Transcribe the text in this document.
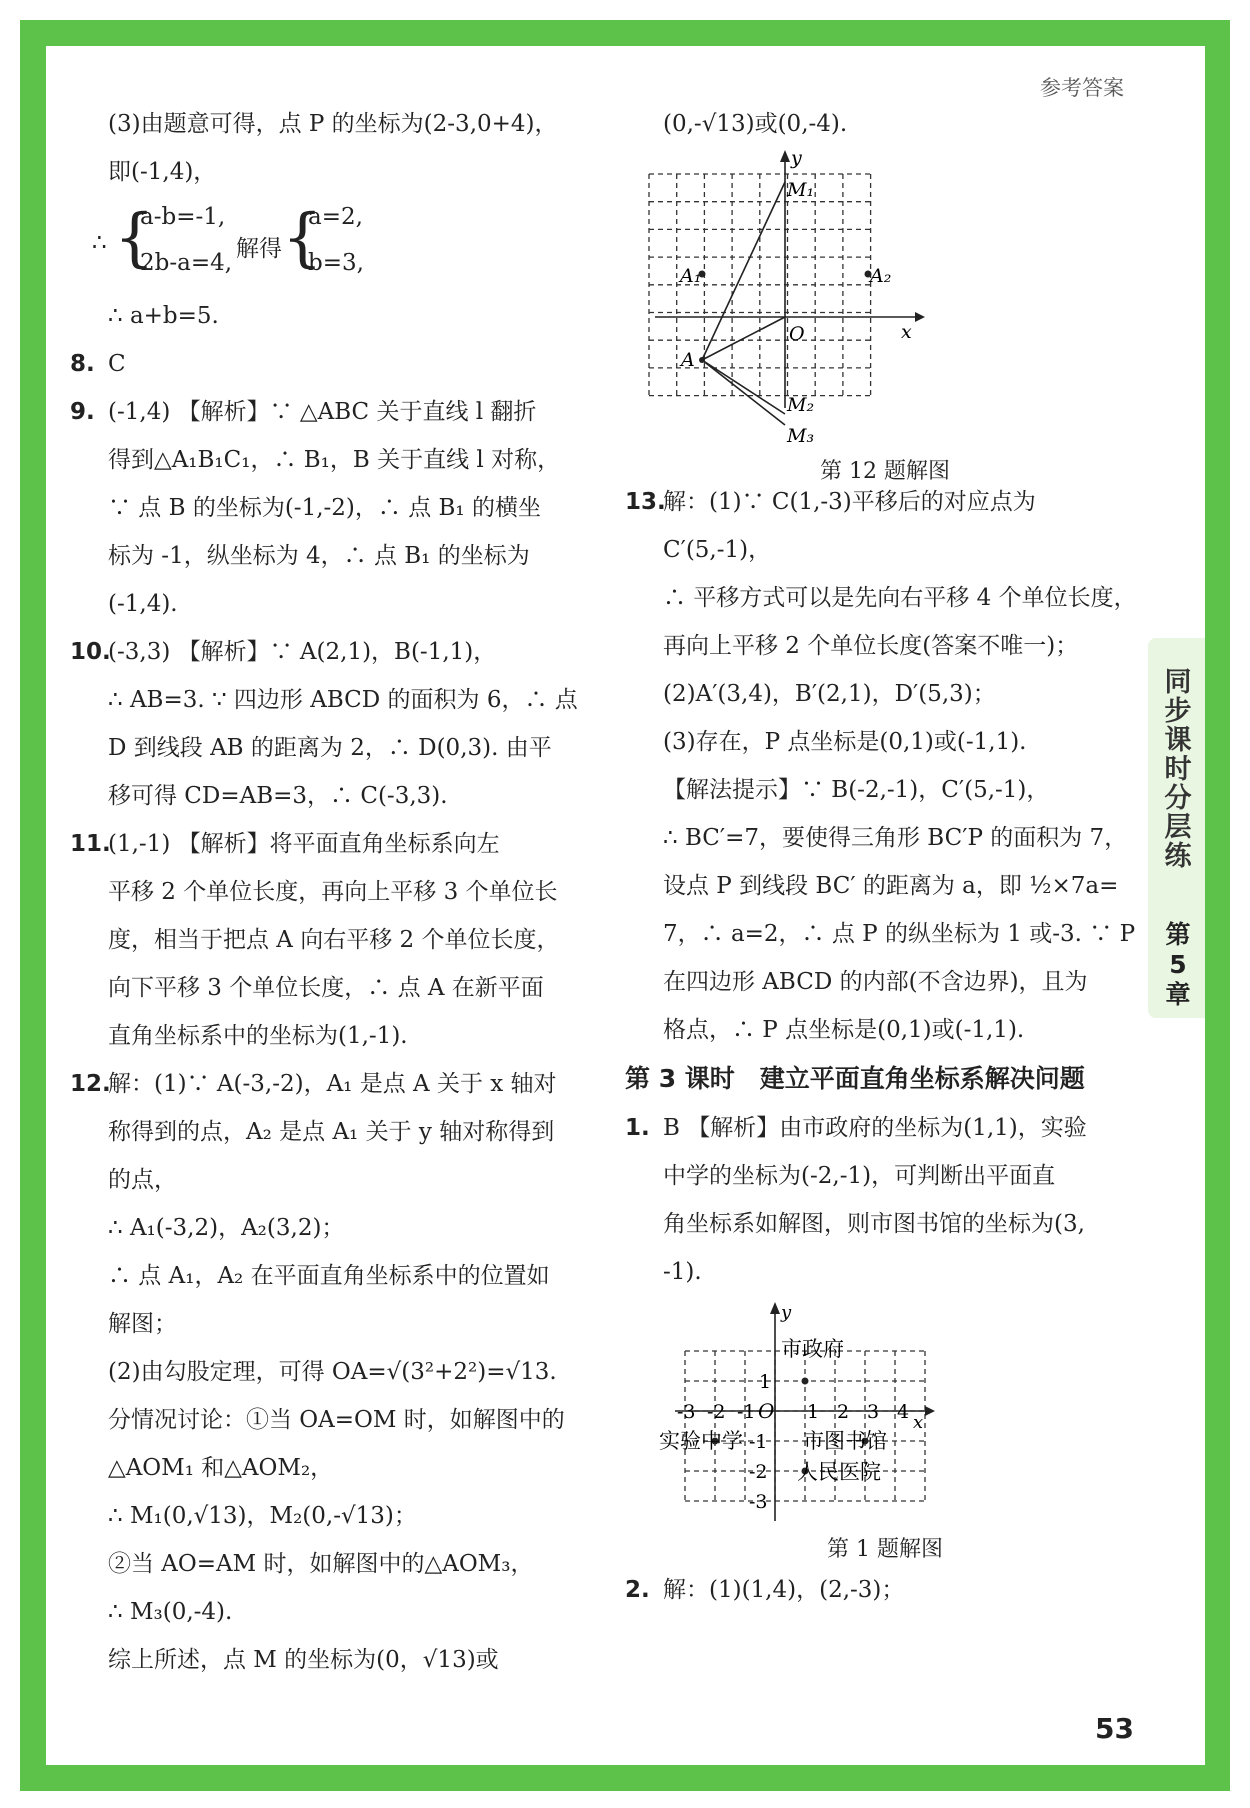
参考答案
同步课时分层练
第5章
(3)由题意可得，点 P 的坐标为(2-3,0+4)，
即(-1,4)，
∴ {
a-b=-1,
2b-a=4,
解得 {
a=2,
b=3,
∴ a+b=5.
8. C
9. (-1,4) 【解析】∵ △ABC 关于直线 l 翻折
得到△A₁B₁C₁，∴ B₁，B 关于直线 l 对称，
∵ 点 B 的坐标为(-1,-2)，∴ 点 B₁ 的横坐
标为 -1，纵坐标为 4，∴ 点 B₁ 的坐标为
(-1,4).
10.(-3,3) 【解析】∵ A(2,1)，B(-1,1)，
∴ AB=3. ∵ 四边形 ABCD 的面积为 6，∴ 点
D 到线段 AB 的距离为 2，∴ D(0,3). 由平
移可得 CD=AB=3，∴ C(-3,3).
11.(1,-1) 【解析】将平面直角坐标系向左
平移 2 个单位长度，再向上平移 3 个单位长
度，相当于把点 A 向右平移 2 个单位长度，
向下平移 3 个单位长度，∴ 点 A 在新平面
直角坐标系中的坐标为(1,-1).
12.解：(1)∵ A(-3,-2)，A₁ 是点 A 关于 x 轴对
称得到的点，A₂ 是点 A₁ 关于 y 轴对称得到
的点，
∴ A₁(-3,2)，A₂(3,2)；
∴ 点 A₁，A₂ 在平面直角坐标系中的位置如
解图；
(2)由勾股定理，可得 OA=√(3²+2²)=√13.
分情况讨论：①当 OA=OM 时，如解图中的
△AOM₁ 和△AOM₂，
∴ M₁(0,√13)，M₂(0,-√13)；
②当 AO=AM 时，如解图中的△AOM₃，
∴ M₃(0,-4).
综上所述，点 M 的坐标为(0，√13)或
(0,-√13)或(0,-4).
y
x
O
A
A₁	A₂
M₁
M₂
M₃
第 12 题解图
13.解：(1)∵ C(1,-3)平移后的对应点为
C′(5,-1)，
∴ 平移方式可以是先向右平移 4 个单位长度，
再向上平移 2 个单位长度(答案不唯一)；
(2)A′(3,4)，B′(2,1)，D′(5,3)；
(3)存在，P 点坐标是(0,1)或(-1,1).
【解法提示】∵ B(-2,-1)，C′(5,-1)，
∴ BC′=7，要使得三角形 BC′P 的面积为 7，
设点 P 到线段 BC′ 的距离为 a，即 ½×7a=
7，∴ a=2，∴ 点 P 的纵坐标为 1 或-3. ∵ P
在四边形 ABCD 的内部(不含边界)，且为
格点，∴ P 点坐标是(0,1)或(-1,1).
第 3 课时　建立平面直角坐标系解决问题
1. B 【解析】由市政府的坐标为(1,1)，实验
中学的坐标为(-2,-1)，可判断出平面直
角坐标系如解图，则市图书馆的坐标为(3,
-1).
y
x
O
市政府
实验中学	市图书馆
人民医院
-3 -2 -1	1 2 3 4
1
-1
-2
-3
第 1 题解图
2. 解：(1)(1,4)，(2,-3)；
53
